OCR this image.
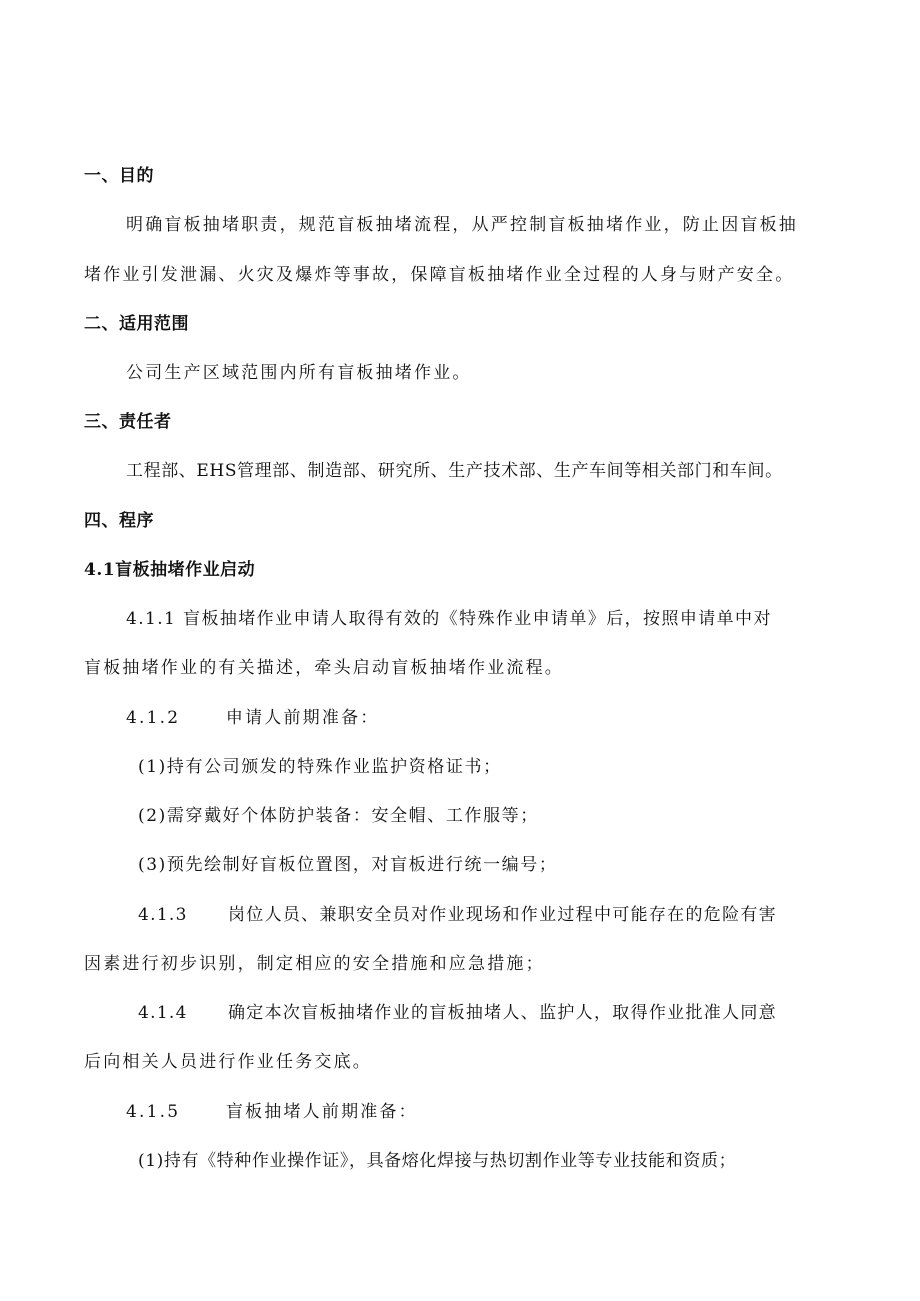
一、目的
明确盲板抽堵职责，规范盲板抽堵流程，从严控制盲板抽堵作业，防止因盲板抽
堵作业引发泄漏、火灾及爆炸等事故，保障盲板抽堵作业全过程的人身与财产安全。
二、适用范围
公司生产区域范围内所有盲板抽堵作业。
三、责任者
工程部、EHS管理部、制造部、研究所、生产技术部、生产车间等相关部门和车间。
四、程序
4.1盲板抽堵作业启动
4.1.1 盲板抽堵作业申请人取得有效的《特殊作业申请单》后，按照申请单中对
盲板抽堵作业的有关描述，牵头启动盲板抽堵作业流程。
4.1.2      申请人前期准备：
(1)持有公司颁发的特殊作业监护资格证书；
(2)需穿戴好个体防护装备：安全帽、工作服等；
(3)预先绘制好盲板位置图，对盲板进行统一编号；
4.1.3      岗位人员、兼职安全员对作业现场和作业过程中可能存在的危险有害
因素进行初步识别，制定相应的安全措施和应急措施；
4.1.4      确定本次盲板抽堵作业的盲板抽堵人、监护人，取得作业批准人同意
后向相关人员进行作业任务交底。
4.1.5      盲板抽堵人前期准备：
(1)持有《特种作业操作证》，具备熔化焊接与热切割作业等专业技能和资质；
